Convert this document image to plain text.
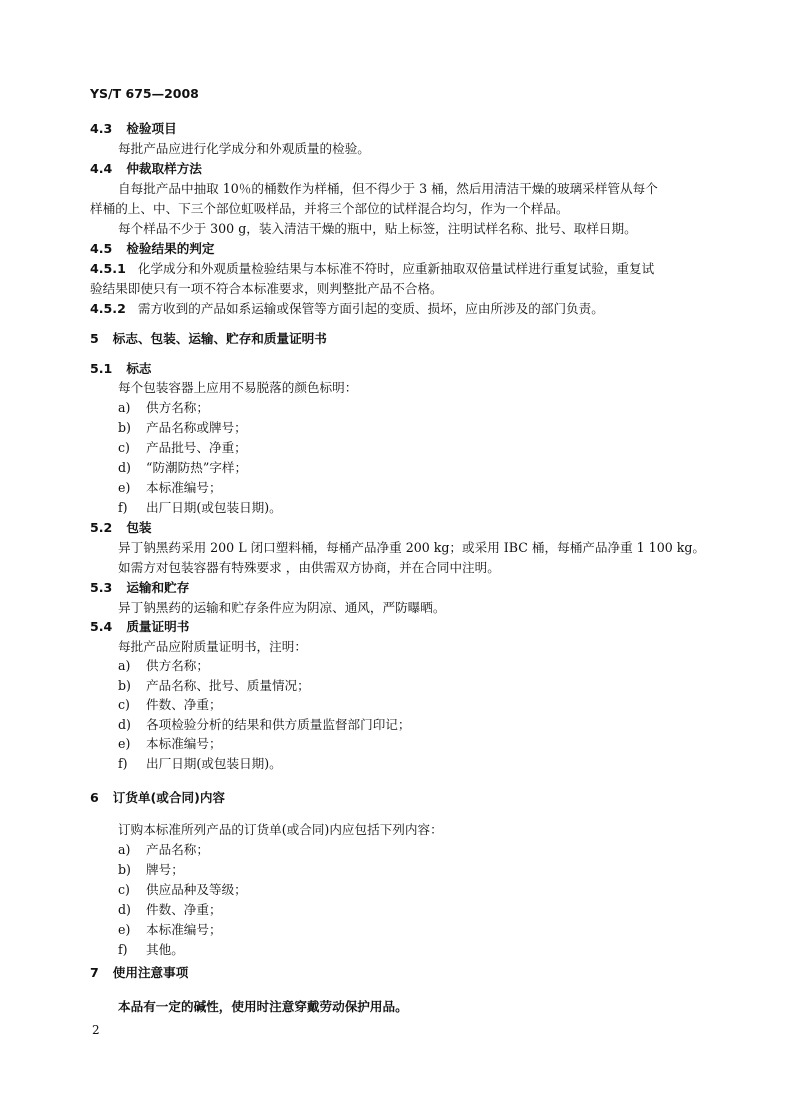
YS/T 675—2008
4.3 检验项目
每批产品应进行化学成分和外观质量的检验。
4.4 仲裁取样方法
自每批产品中抽取 10％的桶数作为样桶，但不得少于 3 桶，然后用清洁干燥的玻璃采样管从每个
样桶的上、中、下三个部位虹吸样品，并将三个部位的试样混合均匀，作为一个样品。
每个样品不少于 300 g，装入清洁干燥的瓶中，贴上标签，注明试样名称、批号、取样日期。
4.5 检验结果的判定
4.5.1 化学成分和外观质量检验结果与本标准不符时，应重新抽取双倍量试样进行重复试验，重复试
验结果即使只有一项不符合本标准要求，则判整批产品不合格。
4.5.2 需方收到的产品如系运输或保管等方面引起的变质、损坏，应由所涉及的部门负责。
5 标志、包装、运输、贮存和质量证明书
5.1 标志
每个包装容器上应用不易脱落的颜色标明：
a) 供方名称；
b) 产品名称或牌号；
c) 产品批号、净重；
d) “防潮防热”字样；
e) 本标准编号；
f) 出厂日期(或包装日期)。
5.2 包装
异丁钠黑药采用 200 L 闭口塑料桶，每桶产品净重 200 kg；或采用 IBC 桶，每桶产品净重 1 100 kg。
如需方对包装容器有特殊要求 ，由供需双方协商，并在合同中注明。
5.3 运输和贮存
异丁钠黑药的运输和贮存条件应为阴凉、通风，严防曝晒。
5.4 质量证明书
每批产品应附质量证明书，注明：
a) 供方名称；
b) 产品名称、批号、质量情况；
c) 件数、净重；
d) 各项检验分析的结果和供方质量监督部门印记；
e) 本标准编号；
f) 出厂日期(或包装日期)。
6 订货单(或合同)内容
订购本标准所列产品的订货单(或合同)内应包括下列内容：
a) 产品名称；
b) 牌号；
c) 供应品种及等级；
d) 件数、净重；
e) 本标准编号；
f) 其他。
7 使用注意事项
本品有一定的碱性，使用时注意穿戴劳动保护用品。
2
